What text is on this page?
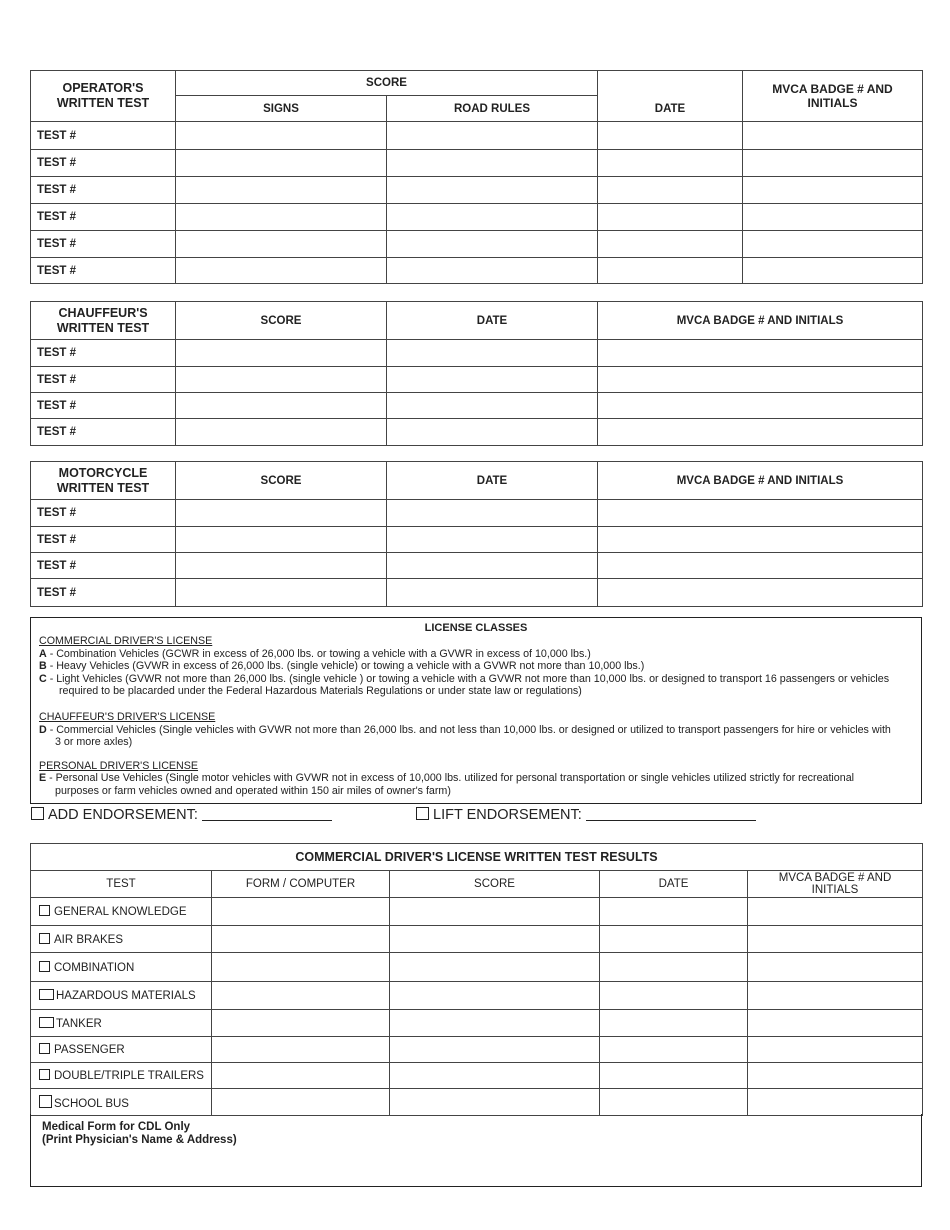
OPERATOR'S
WRITTEN TEST	SCORE		DATE	MVCA BADGE # AND INITIALS
	SIGNS	ROAD RULES		
TEST #				
TEST #				
TEST #				
TEST #				
TEST #				
TEST #				
CHAUFFEUR'S
WRITTEN TEST	SCORE	DATE	MVCA BADGE # AND INITIALS
TEST #			
TEST #			
TEST #			
TEST #			
MOTORCYCLE
WRITTEN TEST	SCORE	DATE	MVCA BADGE # AND INITIALS
TEST #			
TEST #			
TEST #			
TEST #			
LICENSE CLASSES
COMMERCIAL DRIVER'S LICENSE
A - Combination Vehicles (GCWR in excess of 26,000 lbs. or towing a vehicle with a GVWR in excess of 10,000 lbs.)
B - Heavy Vehicles (GVWR in excess of 26,000 lbs. (single vehicle) or towing a vehicle with a GVWR not more than 10,000 lbs.)
C - Light Vehicles (GVWR not more than 26,000 lbs. (single vehicle ) or towing a vehicle with a GVWR not more than 10,000 lbs. or designed to transport 16 passengers or vehicles
required to be placarded under the Federal Hazardous Materials Regulations or under state law or regulations)
CHAUFFEUR'S DRIVER'S LICENSE
D - Commercial Vehicles (Single vehicles with GVWR not more than 26,000 lbs. and not less than 10,000 lbs. or designed or utilized to transport passengers for hire or vehicles with
3 or more axles)
PERSONAL DRIVER'S LICENSE
E - Personal Use Vehicles (Single motor vehicles with GVWR not in excess of 10,000 lbs. utilized for personal transportation or single vehicles utilized strictly for recreational
purposes or farm vehicles owned and operated within 150 air miles of owner's farm)
ADD ENDORSEMENT:	LIFT ENDORSEMENT:
COMMERCIAL DRIVER'S LICENSE WRITTEN TEST RESULTS				
TEST	FORM / COMPUTER	SCORE	DATE	MVCA BADGE # AND INITIALS
GENERAL KNOWLEDGE				
AIR BRAKES				
COMBINATION				
HAZARDOUS MATERIALS				
TANKER				
PASSENGER				
DOUBLE/TRIPLE TRAILERS				
SCHOOL BUS				
Medical Form for CDL Only
(Print Physician's Name & Address)
